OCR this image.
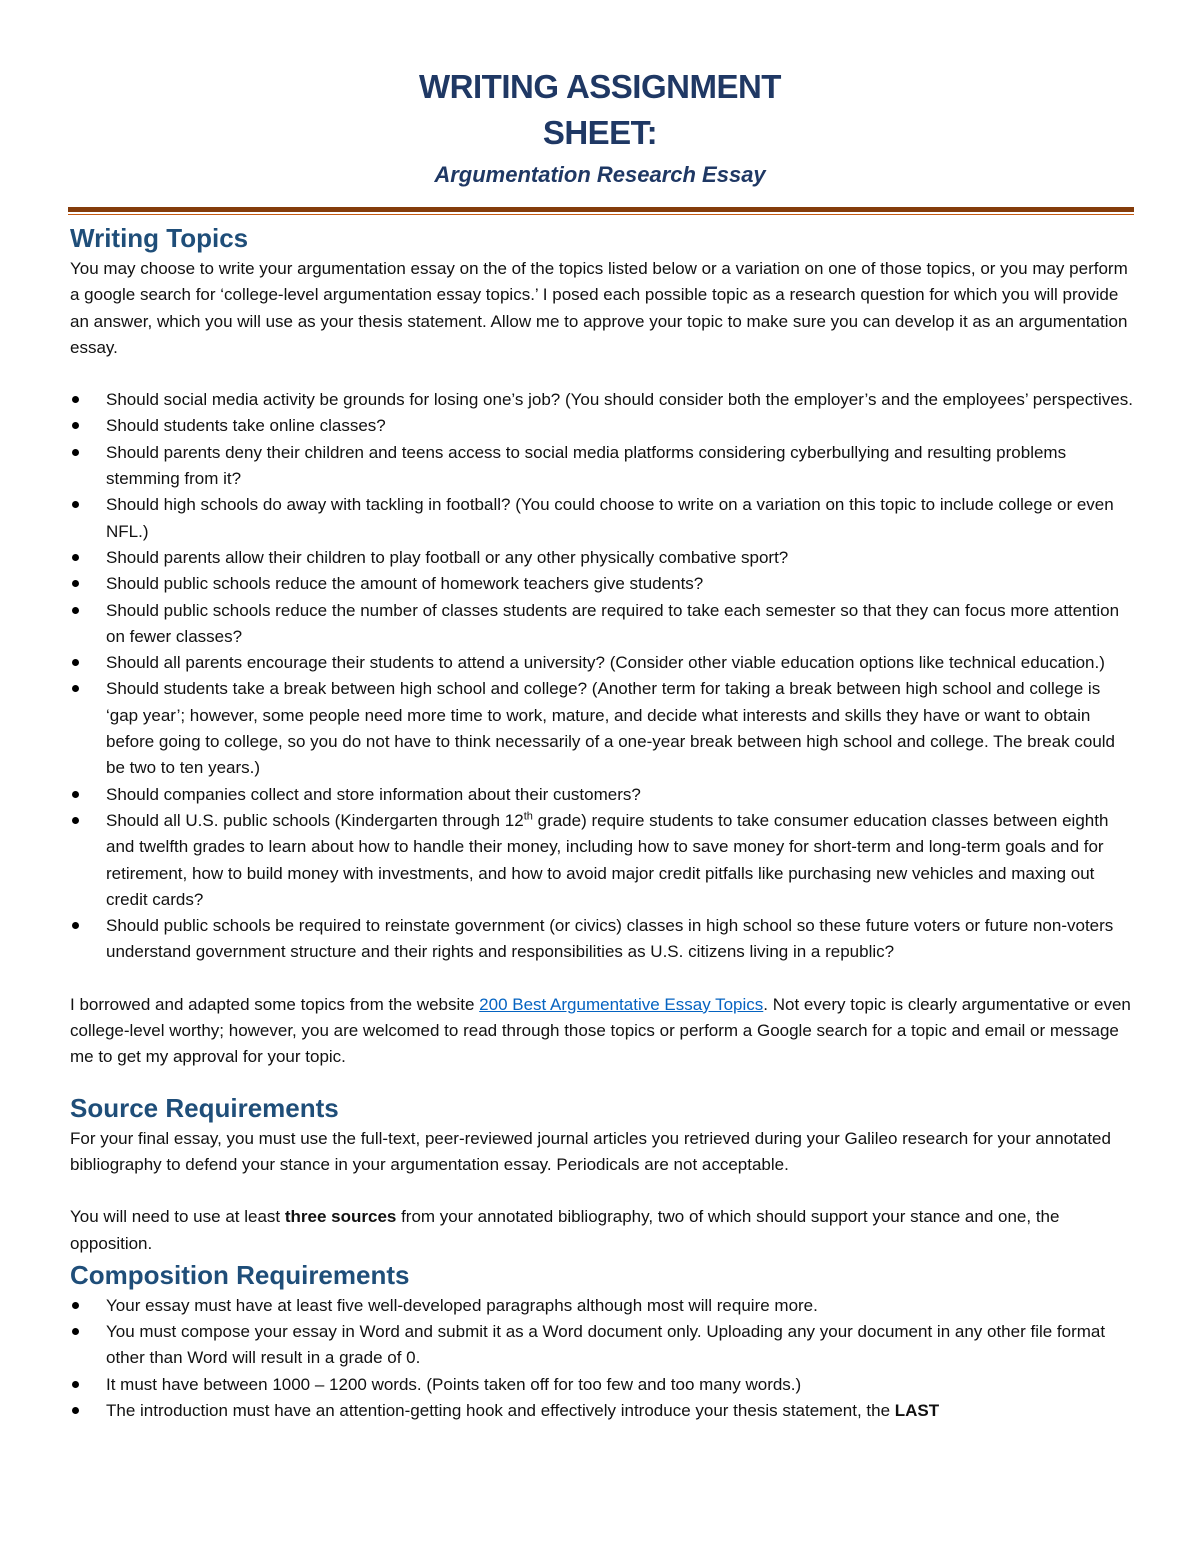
WRITING ASSIGNMENT
SHEET:
Argumentation Research Essay
Writing Topics

You may choose to write your argumentation essay on the of the topics listed below or a variation on one of those topics, or you may perform a google search for ‘college-level argumentation essay topics.’ I posed each possible topic as a research question for which you will provide an answer, which you will use as your thesis statement. Allow me to approve your topic to make sure you can develop it as an argumentation essay.

Should social media activity be grounds for losing one’s job? (You should consider both the employer’s and the employees’ perspectives.
Should students take online classes?
Should parents deny their children and teens access to social media platforms considering cyberbullying and resulting problems stemming from it?
Should high schools do away with tackling in football? (You could choose to write on a variation on this topic to include college or even NFL.)
Should parents allow their children to play football or any other physically combative sport?
Should public schools reduce the amount of homework teachers give students?
Should public schools reduce the number of classes students are required to take each semester so that they can focus more attention on fewer classes?
Should all parents encourage their students to attend a university? (Consider other viable education options like technical education.)
Should students take a break between high school and college? (Another term for taking a break between high school and college is ‘gap year’; however, some people need more time to work, mature, and decide what interests and skills they have or want to obtain before going to college, so you do not have to think necessarily of a one-year break between high school and college. The break could be two to ten years.)
Should companies collect and store information about their customers?
Should all U.S. public schools (Kindergarten through 12th grade) require students to take consumer education classes between eighth and twelfth grades to learn about how to handle their money, including how to save money for short-term and long-term goals and for retirement, how to build money with investments, and how to avoid major credit pitfalls like purchasing new vehicles and maxing out credit cards?
Should public schools be required to reinstate government (or civics) classes in high school so these future voters or future non-voters understand government structure and their rights and responsibilities as U.S. citizens living in a republic?

I borrowed and adapted some topics from the website 200 Best Argumentative Essay Topics. Not every topic is clearly argumentative or even college-level worthy; however, you are welcomed to read through those topics or perform a Google search for a topic and email or message me to get my approval for your topic.

Source Requirements

For your final essay, you must use the full-text, peer-reviewed journal articles you retrieved during your Galileo research for your annotated bibliography to defend your stance in your argumentation essay. Periodicals are not acceptable.

You will need to use at least three sources from your annotated bibliography, two of which should support your stance and one, the opposition.

Composition Requirements
Your essay must have at least five well-developed paragraphs although most will require more.
You must compose your essay in Word and submit it as a Word document only. Uploading any your document in any other file format other than Word will result in a grade of 0.
It must have between 1000 – 1200 words. (Points taken off for too few and too many words.)
The introduction must have an attention-getting hook and effectively introduce your thesis statement, the LAST
